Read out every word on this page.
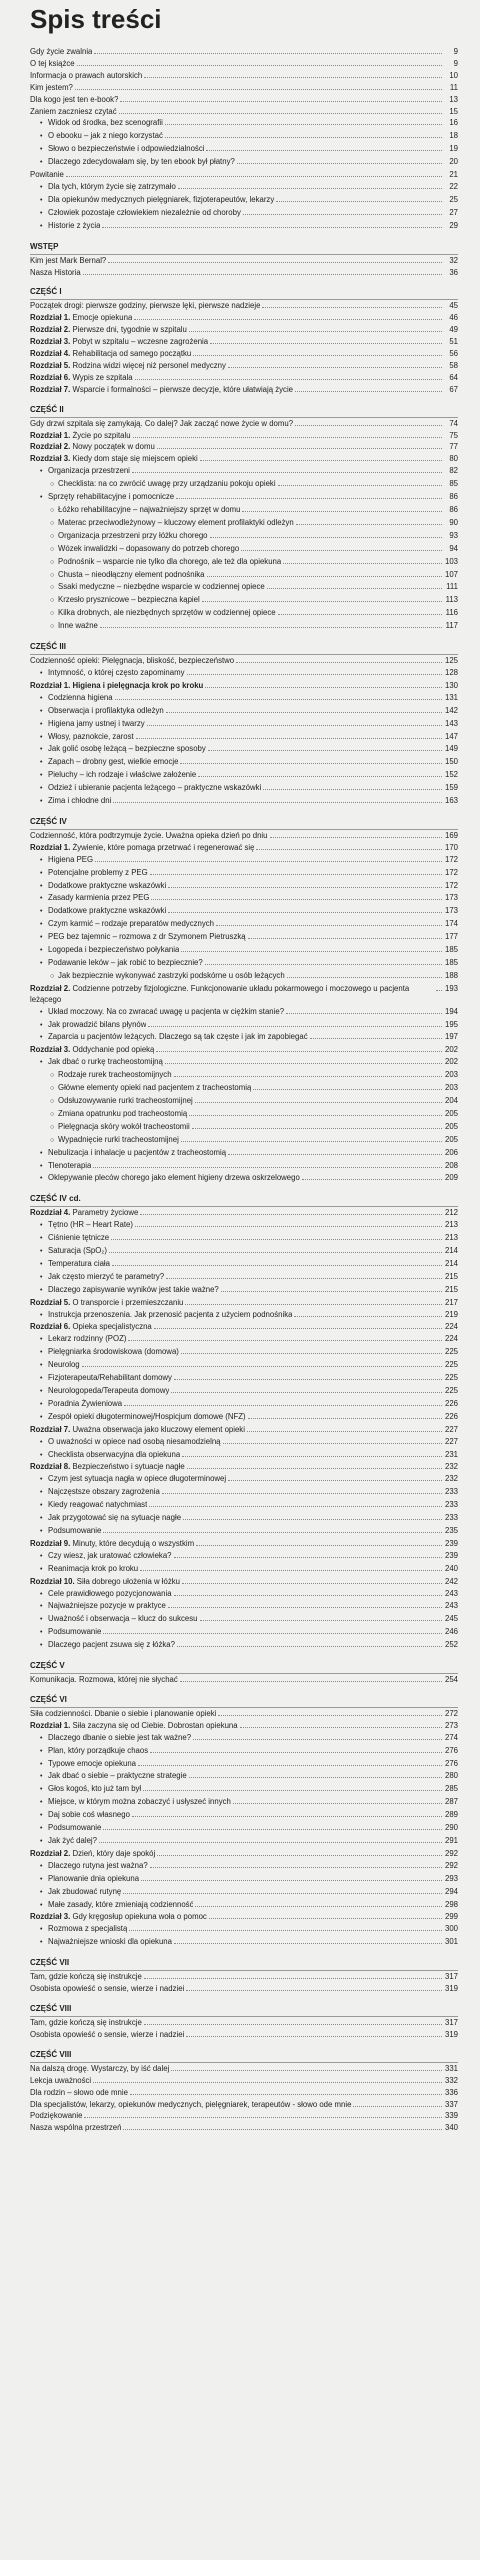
Spis treści
Gdy życie zwalnia	9
O tej książce	9
Informacja o prawach autorskich	10
Kim jestem?	11
Dla kogo jest ten e-book?	13
Zaniem zaczniesz czytać	15
•
Widok od środka, bez scenografii	16
•
O ebooku – jak z niego korzystać	18
•
Słowo o bezpieczeństwie i odpowiedzialności	19
•
Dlaczego zdecydowałam się, by ten ebook był płatny?	20
Powitanie	21
•
Dla tych, którym życie się zatrzymało	22
•
Dla opiekunów medycznych pielęgniarek, fizjoterapeutów, lekarzy	25
•
Człowiek pozostaje człowiekiem niezależnie od choroby	27
•
Historie z życia	29
WSTĘP
Kim jest Mark Bernal?	32
Nasza Historia	36
CZĘŚĆ I
Początek drogi: pierwsze godziny, pierwsze lęki, pierwsze nadzieje	45
Rozdział 1. Emocje opiekuna	46
Rozdział 2. Pierwsze dni, tygodnie w szpitalu	49
Rozdział 3. Pobyt w szpitalu – wczesne zagrożenia	51
Rozdział 4. Rehabilitacja od samego początku	56
Rozdział 5. Rodzina widzi więcej niż personel medyczny	58
Rozdział 6. Wypis ze szpitala	64
Rozdział 7. Wsparcie i formalności – pierwsze decyzje, które ułatwiają życie	67
CZĘŚĆ II
Gdy drzwi szpitala się zamykają. Co dalej? Jak zacząć nowe życie w domu?	74
Rozdział 1. Życie po szpitalu	75
Rozdział 2. Nowy początek w domu	77
Rozdział 3. Kiedy dom staje się miejscem opieki	80
•
Organizacja przestrzeni	82
○
Checklista: na co zwrócić uwagę przy urządzaniu pokoju opieki	85
•
Sprzęty rehabilitacyjne i pomocnicze	86
○
Łóżko rehabilitacyjne – najważniejszy sprzęt w domu	86
○
Materac przeciwodleżynowy – kluczowy element profilaktyki odleżyn	90
○
Organizacja przestrzeni przy łóżku chorego	93
○
Wózek inwalidzki – dopasowany do potrzeb chorego	94
○
Podnośnik – wsparcie nie tylko dla chorego, ale też dla opiekuna	103
○
Chusta – nieodłączny element podnośnika	107
○
Ssaki medyczne – niezbędne wsparcie w codziennej opiece	111
○
Krzesło prysznicowe – bezpieczna kąpiel	113
○
Kilka drobnych, ale niezbędnych sprzętów w codziennej opiece	116
○
Inne ważne	117
CZĘŚĆ III
Codzienność opieki: Pielęgnacja, bliskość, bezpieczeństwo	125
•
Intymność, o której często zapominamy	128
Rozdział 1. Higiena i pielęgnacja krok po kroku	130
•
Codzienna higiena	131
•
Obserwacja i profilaktyka odleżyn	142
•
Higiena jamy ustnej i twarzy	143
•
Włosy, paznokcie, zarost	147
•
Jak golić osobę leżącą – bezpieczne sposoby	149
•
Zapach – drobny gest, wielkie emocje	150
•
Pieluchy – ich rodzaje i właściwe założenie	152
•
Odzież i ubieranie pacjenta leżącego – praktyczne wskazówki	159
•
Zima i chłodne dni	163
CZĘŚĆ IV
Codzienność, która podtrzymuje życie. Uważna opieka dzień po dniu	169
Rozdział 1. Żywienie, które pomaga przetrwać i regenerować się	170
•
Higiena PEG	172
•
Potencjalne problemy z PEG	172
•
Dodatkowe praktyczne wskazówki	172
•
Zasady karmienia przez PEG	173
•
Dodatkowe praktyczne wskazówki	173
•
Czym karmić – rodzaje preparatów medycznych	174
•
PEG bez tajemnic – rozmowa z dr Szymonem Pietruszką	177
•
Logopeda i bezpieczeństwo połykania	185
•
Podawanie leków – jak robić to bezpiecznie?	185
○
Jak bezpiecznie wykonywać zastrzyki podskórne u osób leżących	188
Rozdział 2. Codzienne potrzeby fizjologiczne. Funkcjonowanie układu pokarmowego i moczowego u pacjenta leżącego
193
•
Układ moczowy. Na co zwracać uwagę u pacjenta w ciężkim stanie?	194
•
Jak prowadzić bilans płynów	195
•
Zaparcia u pacjentów leżących. Dlaczego są tak częste i jak im zapobiegać	197
Rozdział 3. Oddychanie pod opieką	202
•
Jak dbać o rurkę tracheostomijną	202
○
Rodzaje rurek tracheostomijnych	203
○
Główne elementy opieki nad pacjentem z tracheostomią	203
○
Odsłuzowywanie rurki tracheostomijnej	204
○
Zmiana opatrunku pod tracheostomią	205
○
Pielęgnacja skóry wokół tracheostomii	205
○
Wypadnięcie rurki tracheostomijnej	205
•
Nebulizacja i inhalacje u pacjentów z tracheostomią	206
•
Tlenoterapia	208
•
Oklepywanie pleców chorego jako element higieny drzewa oskrzelowego	209
CZĘŚĆ IV cd.
Rozdział 4. Parametry życiowe	212
•
Tętno (HR – Heart Rate)	213
•
Ciśnienie tętnicze	213
•
Saturacja (SpO₂)	214
•
Temperatura ciała	214
•
Jak często mierzyć te parametry?	215
•
Dlaczego zapisywanie wyników jest takie ważne?	215
Rozdział 5. O transporcie i przemieszczaniu	217
•
Instrukcja przenoszenia. Jak przenosić pacjenta z użyciem podnośnika	219
Rozdział 6. Opieka specjalistyczna	224
•
Lekarz rodzinny (POZ)	224
•
Pielęgniarka środowiskowa (domowa)	225
•
Neurolog	225
•
Fizjoterapeuta/Rehabilitant domowy	225
•
Neurologopeda/Terapeuta domowy	225
•
Poradnia Żywieniowa	226
•
Zespół opieki długoterminowej/Hospicjum domowe (NFZ)	226
Rozdział 7. Uważna obserwacja jako kluczowy element opieki	227
•
O uważności w opiece nad osobą niesamodzielną	227
•
Checklista obserwacyjna dla opiekuna	231
Rozdział 8. Bezpieczeństwo i sytuacje nagłe	232
•
Czym jest sytuacja nagła w opiece długoterminowej	232
•
Najczęstsze obszary zagrożenia	233
•
Kiedy reagować natychmiast	233
•
Jak przygotować się na sytuacje nagłe	233
•
Podsumowanie	235
Rozdział 9. Minuty, które decydują o wszystkim	239
•
Czy wiesz, jak uratować człowieka?	239
•
Reanimacja krok po kroku	240
Rozdział 10. Siła dobrego ułożenia w łóżku	242
•
Cele prawidłowego pozycjonowania	243
•
Najważniejsze pozycje w praktyce	243
•
Uważność i obserwacja – klucz do sukcesu	245
•
Podsumowanie	246
•
Dlaczego pacjent zsuwa się z łóżka?	252
CZĘŚĆ V
Komunikacja. Rozmowa, której nie słychać	254
CZĘŚĆ VI
Siła codzienności. Dbanie o siebie i planowanie opieki	272
Rozdział 1. Siła zaczyna się od Ciebie. Dobrostan opiekuna	273
•
Dlaczego dbanie o siebie jest tak ważne?	274
•
Plan, który porządkuje chaos	276
•
Typowe emocje opiekuna	276
•
Jak dbać o siebie – praktyczne strategie	280
•
Głos kogoś, kto już tam był	285
•
Miejsce, w którym można zobaczyć i usłyszeć innych	287
•
Daj sobie coś własnego	289
•
Podsumowanie	290
•
Jak żyć dalej?	291
Rozdział 2. Dzień, który daje spokój	292
•
Dlaczego rutyna jest ważna?	292
•
Planowanie dnia opiekuna	293
•
Jak zbudować rutynę	294
•
Małe zasady, które zmieniają codzienność	298
Rozdział 3. Gdy kręgosłup opiekuna woła o pomoc	299
•
Rozmowa z specjalistą	300
•
Najważniejsze wnioski dla opiekuna	301
CZĘŚĆ VII
Tam, gdzie kończą się instrukcje	317
Osobista opowieść o sensie, wierze i nadziei	319
CZĘŚĆ VIII
Tam, gdzie kończą się instrukcje	317
Osobista opowieść o sensie, wierze i nadziei	319
CZĘŚĆ VIII
Na dalszą drogę. Wystarczy, by iść dalej	331
Lekcja uważności	332
Dla rodzin – słowo ode mnie	336
Dla specjalistów, lekarzy, opiekunów medycznych, pielęgniarek, terapeutów - słowo ode mnie	337
Podziękowanie	339
Nasza wspólna przestrzeń	340
